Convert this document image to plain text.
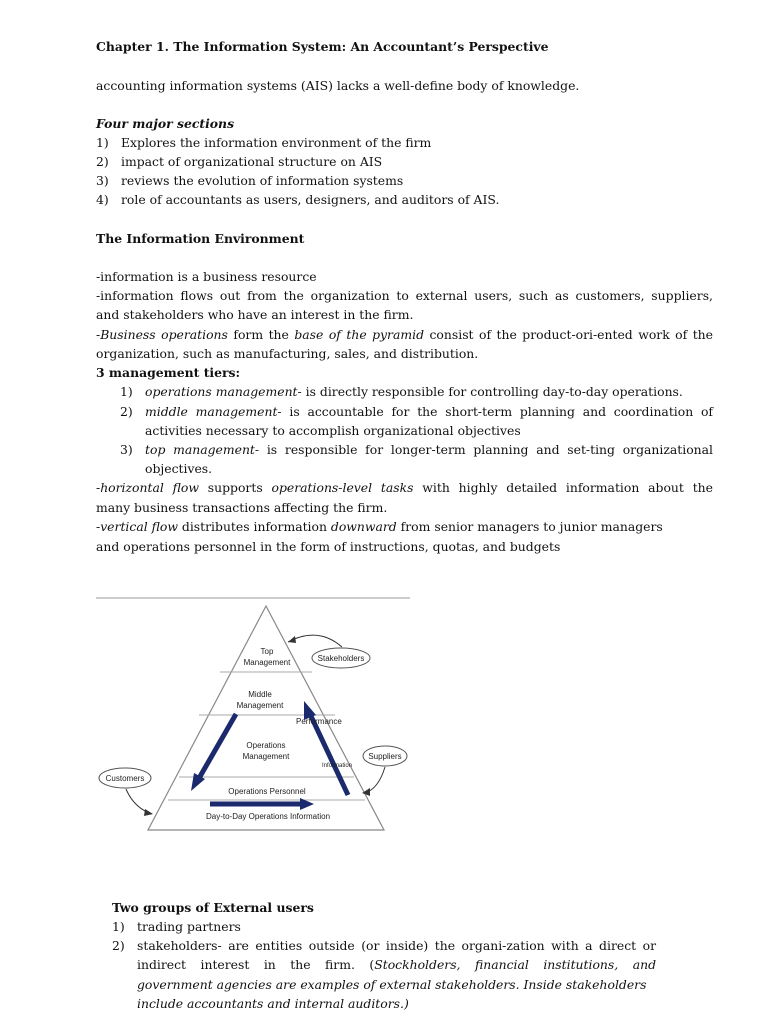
Chapter 1. The Information System: An Accountant’s Perspective

accounting information systems (AIS) lacks a well-define body of knowledge.

Four major sections

1) Explores the information environment of the firm

2) impact of organizational structure on AIS

3) reviews the evolution of information systems

4) role of accountants as users, designers, and auditors of AIS.

The Information Environment

-information is a business resource

-information flows out from the organization to external users, such as customers, suppliers,

and stakeholders who have an interest in the firm.

-Business operations form the base of the pyramid consist of the product-ori-ented work of the

organization, such as manufacturing, sales, and distribution.

3 management tiers:

1) operations management- is directly responsible for controlling day-to-day operations.

2) middle management- is accountable for the short-term planning and coordination of

activities necessary to accomplish organizational objectives

3) top management- is responsible for longer-term planning and set-ting organizational

objectives.

-horizontal flow supports operations-level tasks with highly detailed information about the

many business transactions affecting the firm.

-vertical flow distributes information downward from senior managers to junior managers

and operations personnel in the form of instructions, quotas, and budgets

Top
Management
Middle
Management
Operations
Management
Operations Personnel
Day-to-Day Operations Information
Performance
Information
Stakeholders
Suppliers
Customers

Two groups of External users

1) trading partners

2) stakeholders- are entities outside (or inside) the organi-zation with a direct or

indirect interest in the firm. (Stockholders, financial institutions, and

government agencies are examples of external stakeholders. Inside stakeholders

include accountants and internal auditors.)
